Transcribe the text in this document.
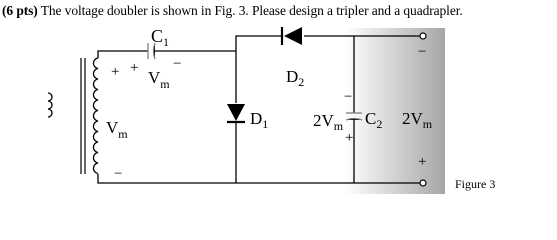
(6 pts) The voltage doubler is shown in Fig. 3. Please design a tripler and a quadrapler.

Figure 3
$C_1$
$V_m$	$D_2$
$D_1$	$2V_m$ $C_2$ $2V_m$
$V_m$
+
−
+ −
−
+
−
+
